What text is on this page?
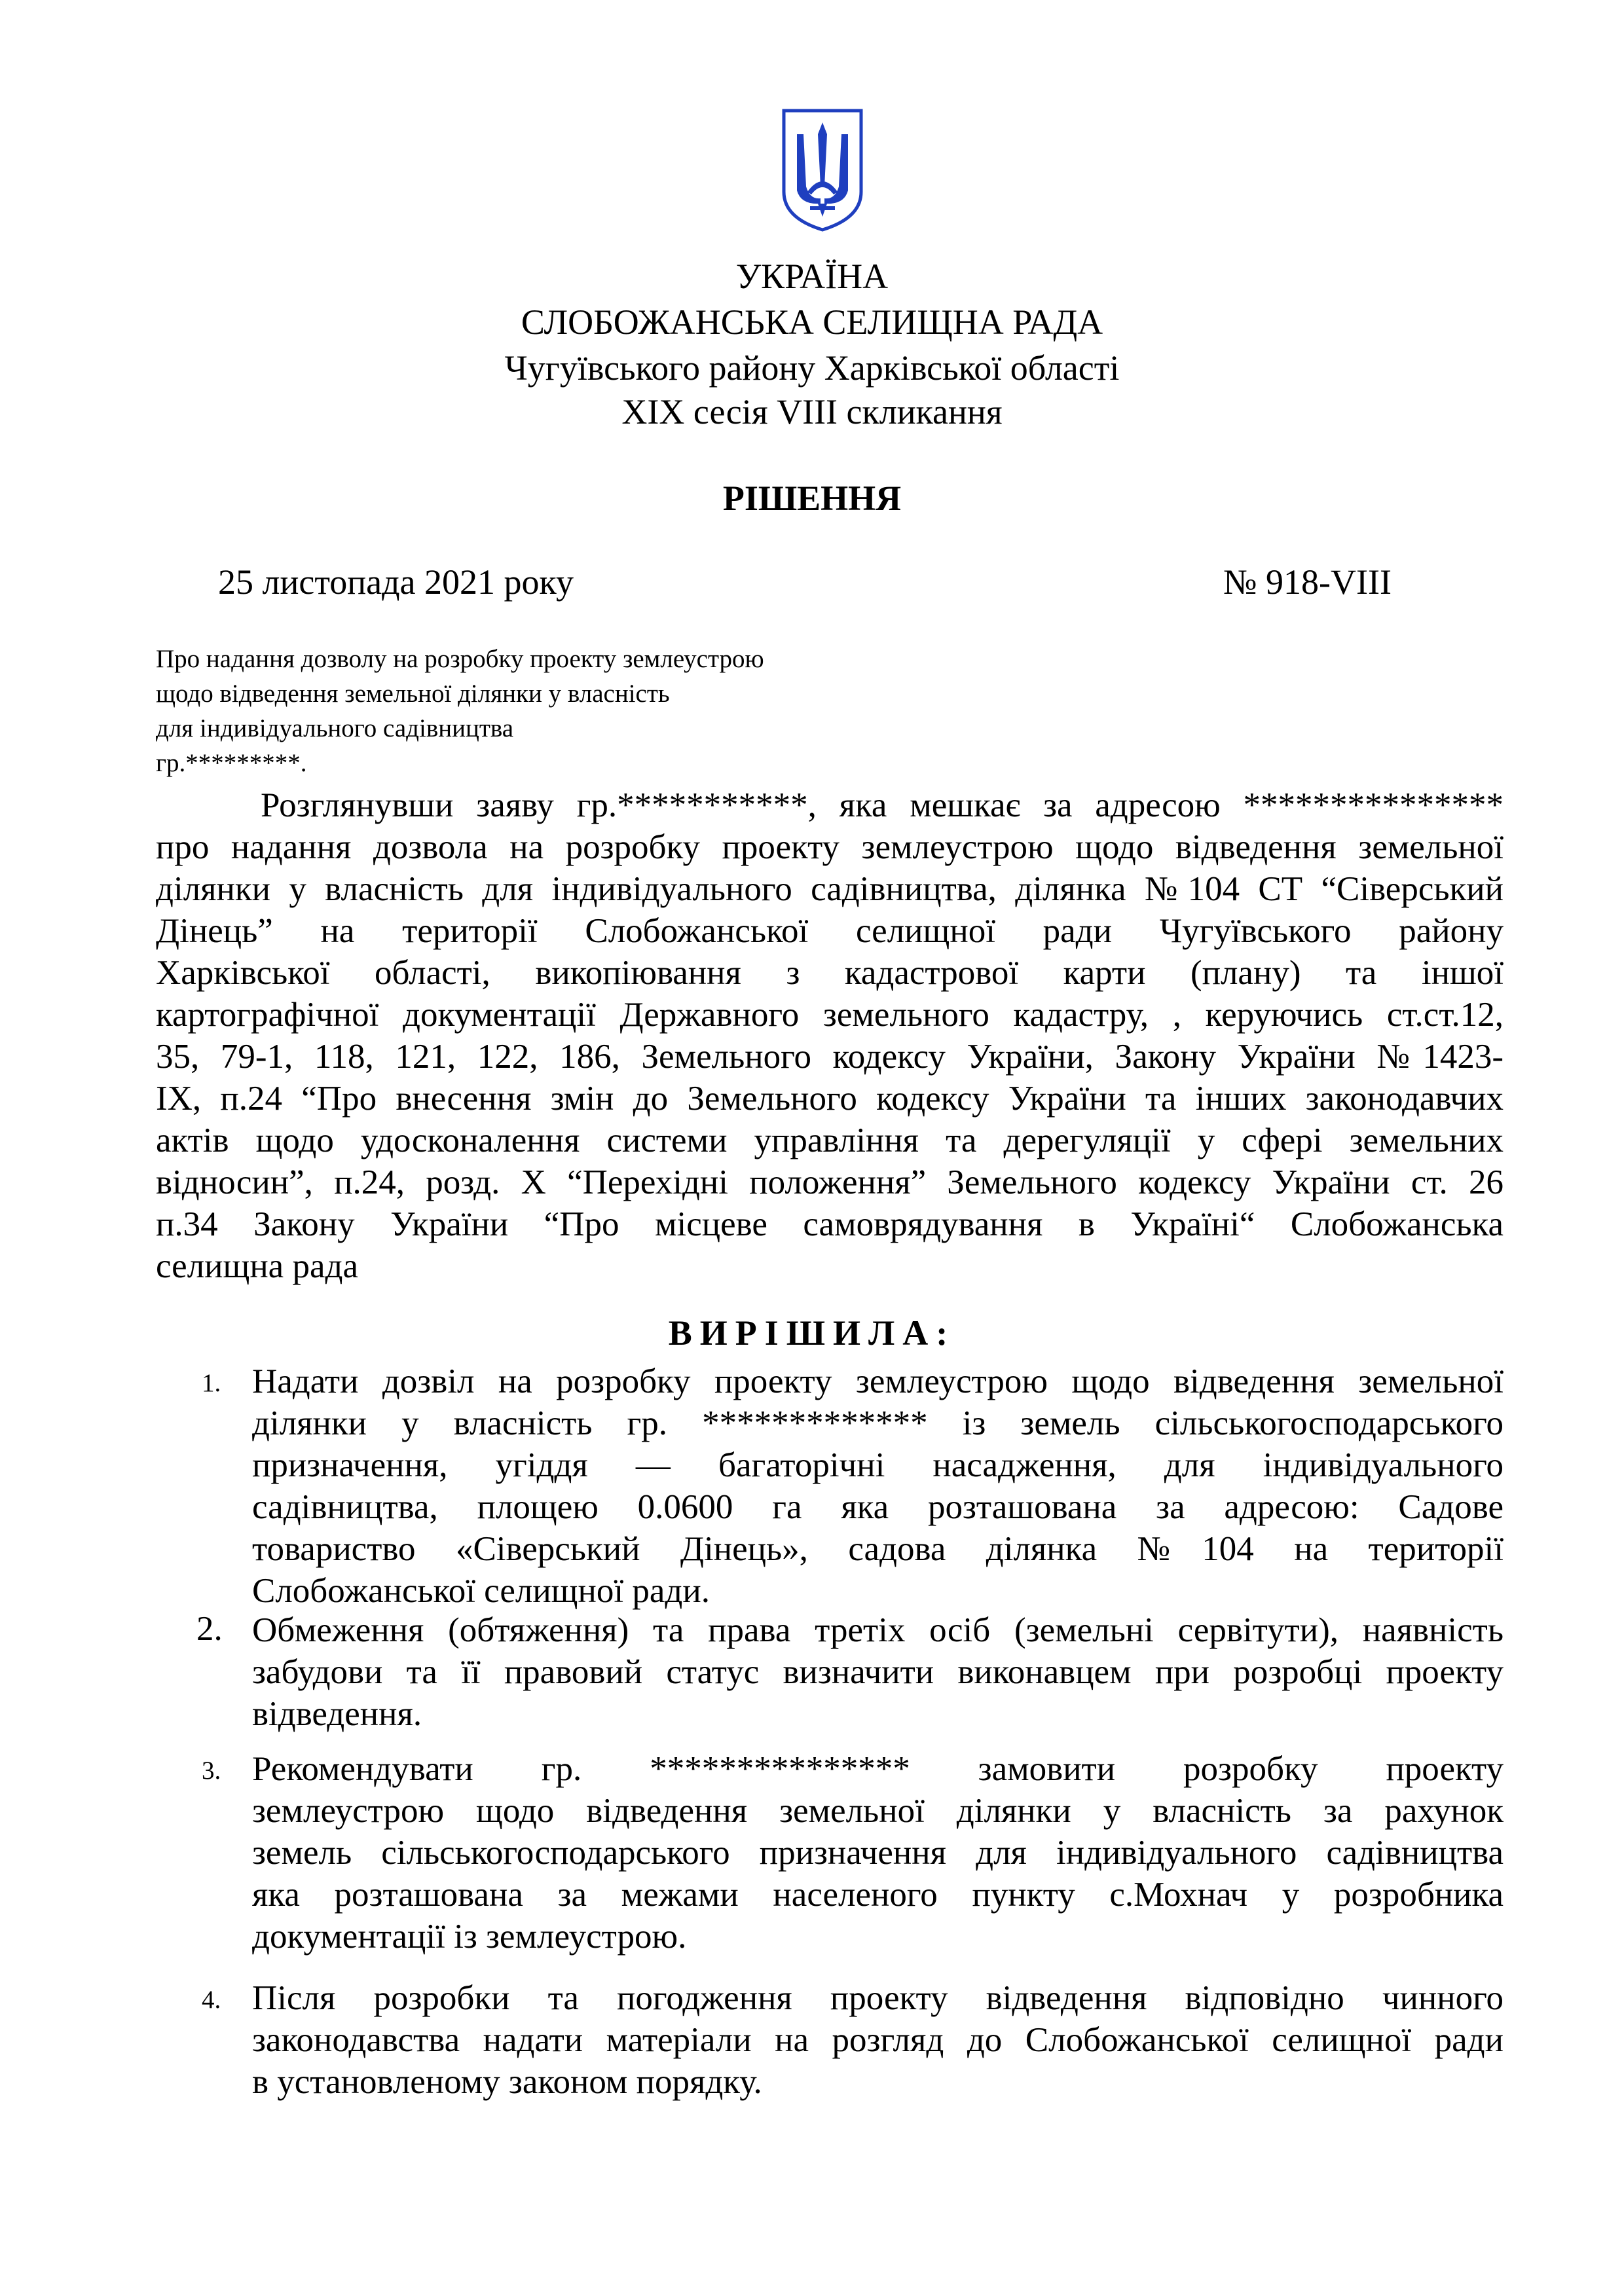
УКРАЇНА
СЛОБОЖАНСЬКА СЕЛИЩНА РАДА
Чугуївського району Харківської області
XIX сесія VIII скликання
РІШЕННЯ
25 листопада 2021 року	№ 918-VIII
Про надання дозволу на розробку проекту землеустрою
щодо відведення земельної ділянки у власність
для індивідуального садівництва
гр.*********.
Розглянувши заяву гр.***********, яка мешкає за адресою ***************
про надання дозвола на розробку проекту землеустрою щодо відведення земельної
ділянки у власність для індивідуального садівництва, ділянка №104 СТ “Сіверський
Дінець” на території Слобожанської селищної ради Чугуївського району
Харківської області, викопіювання з кадастрової карти (плану) та іншої
картографічної документації Державного земельного кадастру, , керуючись ст.ст.12,
35, 79-1, 118, 121, 122, 186, Земельного кодексу України, Закону України №1423-
IX, п.24 “Про внесення змін до Земельного кодексу України та інших законодавчих
актів щодо удосконалення системи управління та дерегуляції у сфері земельних
відносин”, п.24, розд. X “Перехідні положення” Земельного кодексу України ст. 26
п.34 Закону України “Про місцеве самоврядування в Україні“ Слобожанська
селищна рада
ВИРІШИЛА:
1. Надати дозвіл на розробку проекту землеустрою щодо відведення земельної
ділянки у власність гр. ************* із земель сільськогосподарського
призначення, угіддя — багаторічні насадження, для індивідуального
садівництва, площею 0.0600 га яка розташована за адресою: Садове
товариство «Сіверський Дінець», садова ділянка №104 на території
Слобожанської селищної ради.
2. Обмеження (обтяження) та права третіх осіб (земельні сервітути), наявність
забудови та її правовий статус визначити виконавцем при розробці проекту
відведення.
3. Рекомендувати гр. *************** замовити розробку проекту
землеустрою щодо відведення земельної ділянки у власність за рахунок
земель сільськогосподарського призначення для індивідуального садівництва
яка розташована за межами населеного пункту с.Мохнач у розробника
документації із землеустрою.
4. Після розробки та погодження проекту відведення відповідно чинного
законодавства надати матеріали на розгляд до Слобожанської селищної ради
в установленому законом порядку.
